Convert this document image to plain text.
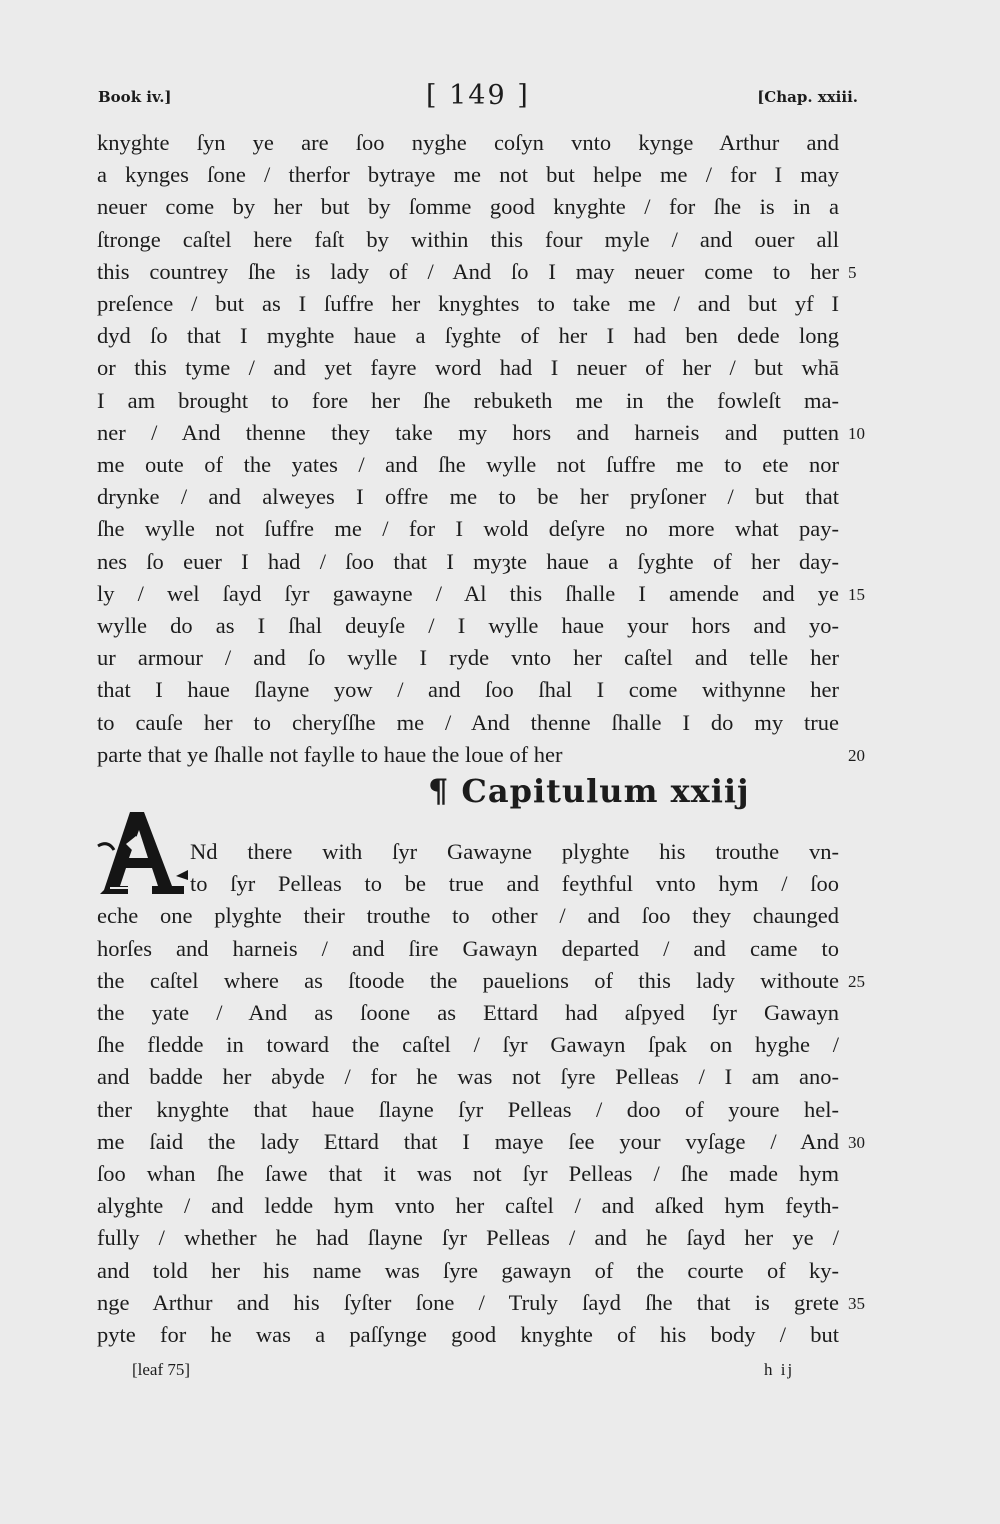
Book iv.]	[ 149 ]	[Chap. xxiii.
knyghte ſyn ye are ſoo nyghe coſyn vnto kynge Arthur and
a kynges ſone / therfor bytraye me not but helpe me / for I may
neuer come by her but by ſomme good knyghte / for ſhe is in a
ſtronge caſtel here faſt by within this four myle / and ouer all
this countrey ſhe is lady of / And ſo I may neuer come to her 5
preſence / but as I ſuffre her knyghtes to take me / and but yf I
dyd ſo that I myghte haue a ſyghte of her I had ben dede long
or this tyme / and yet fayre word had I neuer of her / but whā
I am brought to fore her ſhe rebuketh me in the fowleſt ma-
ner / And thenne they take my hors and harneis and putten 10
me oute of the yates / and ſhe wylle not ſuffre me to ete nor
drynke / and alweyes I offre me to be her pryſoner / but that
ſhe wylle not ſuffre me / for I wold deſyre no more what pay-
nes ſo euer I had / ſoo that I myȝte haue a ſyghte of her day-
ly / wel ſayd ſyr gawayne / Al this ſhalle I amende and ye 15
wylle do as I ſhal deuyſe / I wylle haue your hors and yo-
ur armour / and ſo wylle I ryde vnto her caſtel and telle her
that I haue ſlayne yow / and ſoo ſhal I come withynne her
to cauſe her to cheryſſhe me / And thenne ſhalle I do my true
parte that ye ſhalle not faylle to haue the loue of her	20
¶ Capitulum xxiij
Nd there with ſyr Gawayne plyghte his trouthe vn-
to ſyr Pelleas to be true and feythful vnto hym / ſoo
eche one plyghte their trouthe to other / and ſoo they chaunged
horſes and harneis / and ſire Gawayn departed / and came to
the caſtel where as ſtoode the pauelions of this lady withoute 25
the yate / And as ſoone as Ettard had aſpyed ſyr Gawayn
ſhe fledde in toward the caſtel / ſyr Gawayn ſpak on hyghe /
and badde her abyde / for he was not ſyre Pelleas / I am ano-
ther knyghte that haue ſlayne ſyr Pelleas / doo of youre hel-
me ſaid the lady Ettard that I maye ſee your vyſage / And 30
ſoo whan ſhe ſawe that it was not ſyr Pelleas / ſhe made hym
alyghte / and ledde hym vnto her caſtel / and aſked hym feyth-
fully / whether he had ſlayne ſyr Pelleas / and he ſayd her ye /
and told her his name was ſyre gawayn of the courte of ky-
nge Arthur and his ſyſter ſone / Truly ſayd ſhe that is grete 35
pyte for he was a paſſynge good knyghte of his body / but
[leaf 75]	h ij
